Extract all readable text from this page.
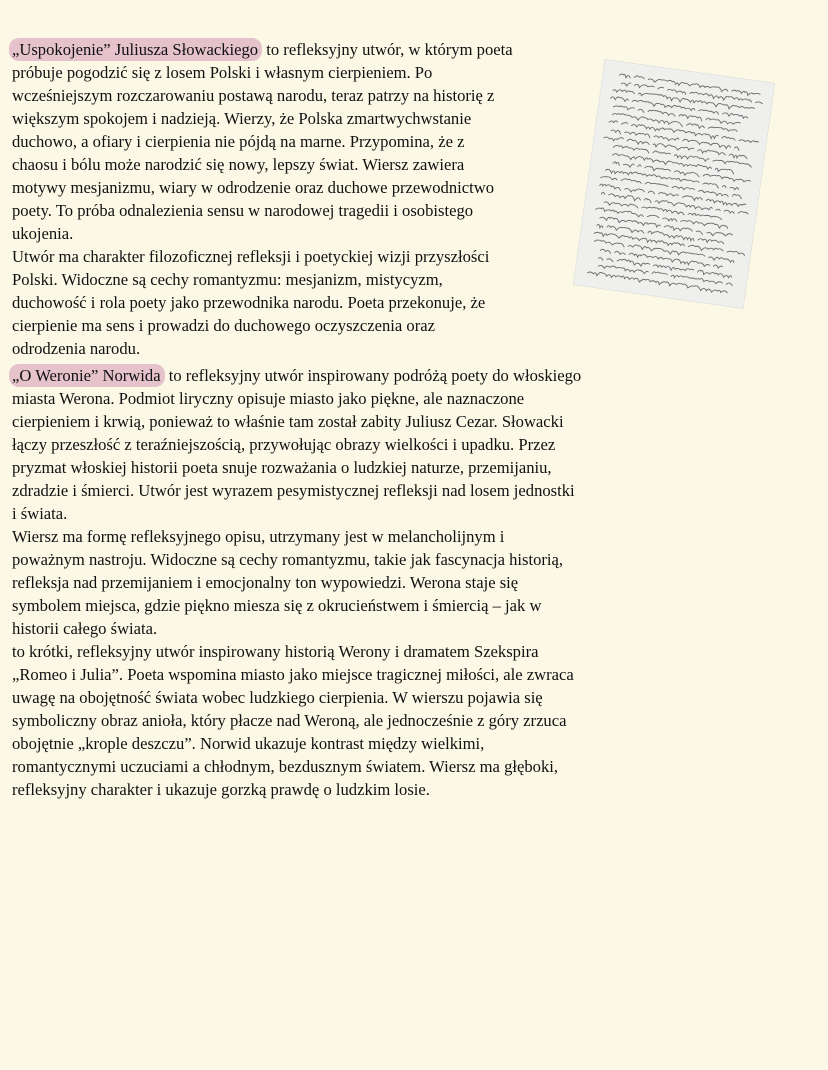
„Uspokojenie” Juliusza Słowackiego to refleksyjny utwór, w którym poeta
próbuje pogodzić się z losem Polski i własnym cierpieniem. Po
wcześniejszym rozczarowaniu postawą narodu, teraz patrzy na historię z
większym spokojem i nadzieją. Wierzy, że Polska zmartwychwstanie
duchowo, a ofiary i cierpienia nie pójdą na marne. Przypomina, że z
chaosu i bólu może narodzić się nowy, lepszy świat. Wiersz zawiera
motywy mesjanizmu, wiary w odrodzenie oraz duchowe przewodnictwo
poety. To próba odnalezienia sensu w narodowej tragedii i osobistego
ukojenia.
Utwór ma charakter filozoficznej refleksji i poetyckiej wizji przyszłości
Polski. Widoczne są cechy romantyzmu: mesjanizm, mistycyzm,
duchowość i rola poety jako przewodnika narodu. Poeta przekonuje, że
cierpienie ma sens i prowadzi do duchowego oczyszczenia oraz
odrodzenia narodu.
„O Weronie” Norwida to refleksyjny utwór inspirowany podróżą poety do włoskiego
miasta Werona. Podmiot liryczny opisuje miasto jako piękne, ale naznaczone
cierpieniem i krwią, ponieważ to właśnie tam został zabity Juliusz Cezar. Słowacki
łączy przeszłość z teraźniejszością, przywołując obrazy wielkości i upadku. Przez
pryzmat włoskiej historii poeta snuje rozważania o ludzkiej naturze, przemijaniu,
zdradzie i śmierci. Utwór jest wyrazem pesymistycznej refleksji nad losem jednostki
i świata.
Wiersz ma formę refleksyjnego opisu, utrzymany jest w melancholijnym i
poważnym nastroju. Widoczne są cechy romantyzmu, takie jak fascynacja historią,
refleksja nad przemijaniem i emocjonalny ton wypowiedzi. Werona staje się
symbolem miejsca, gdzie piękno miesza się z okrucieństwem i śmiercią – jak w
historii całego świata.
to krótki, refleksyjny utwór inspirowany historią Werony i dramatem Szekspira
„Romeo i Julia”. Poeta wspomina miasto jako miejsce tragicznej miłości, ale zwraca
uwagę na obojętność świata wobec ludzkiego cierpienia. W wierszu pojawia się
symboliczny obraz anioła, który płacze nad Weroną, ale jednocześnie z góry zrzuca
obojętnie „krople deszczu”. Norwid ukazuje kontrast między wielkimi,
romantycznymi uczuciami a chłodnym, bezdusznym światem. Wiersz ma głęboki,
refleksyjny charakter i ukazuje gorzką prawdę o ludzkim losie.
